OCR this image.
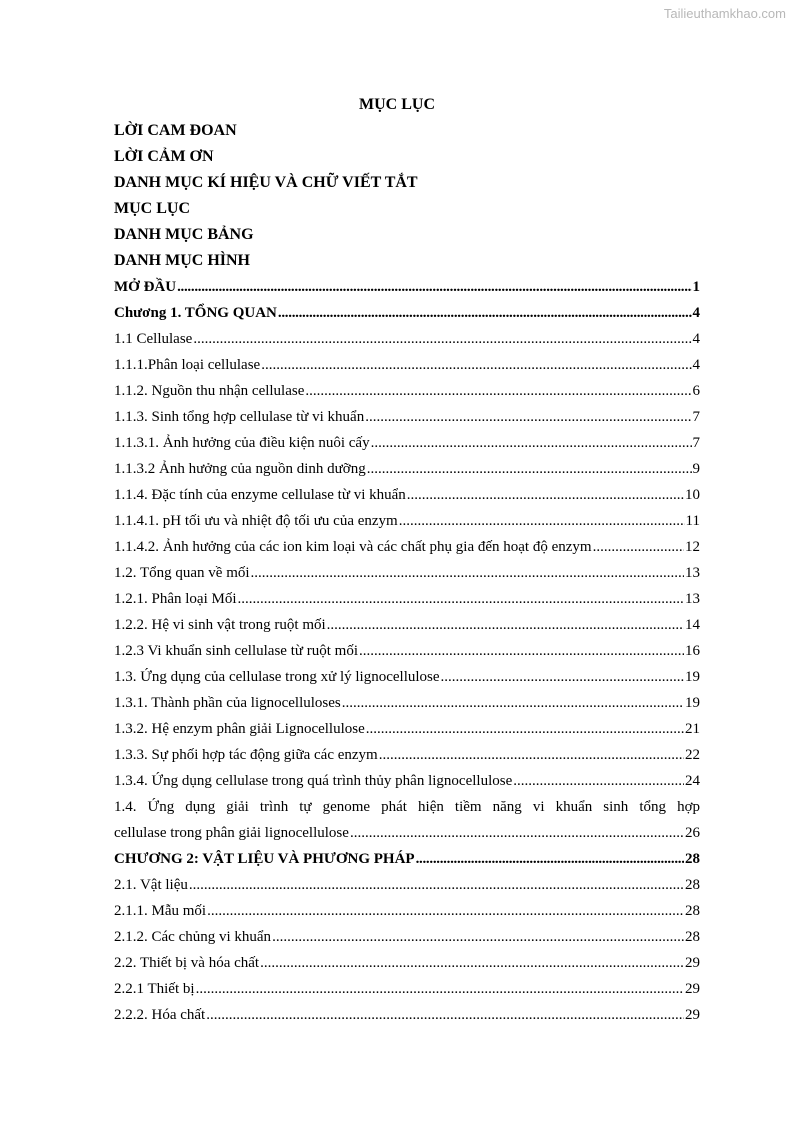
Tailieuthamkhao.com
MỤC LỤC
LỜI CAM ĐOAN
LỜI CẢM ƠN
DANH MỤC KÍ HIỆU VÀ CHỮ VIẾT TẮT
MỤC LỤC
DANH MỤC BẢNG
DANH MỤC HÌNH
MỞ ĐẦU .....	1
Chương 1. TỔNG QUAN .....	4
1.1 Cellulase .....	4
1.1.1.Phân loại cellulase .....	4
1.1.2. Nguồn thu nhận cellulase .....	6
1.1.3. Sinh tổng hợp cellulase từ vi khuẩn .....	7
1.1.3.1. Ảnh hưởng của điều kiện nuôi cấy .....	7
1.1.3.2 Ảnh hưởng của nguồn dinh dưỡng .....	9
1.1.4. Đặc tính của enzyme cellulase từ vi khuẩn .....	10
1.1.4.1. pH tối ưu và nhiệt độ tối ưu của enzym .....	11
1.1.4.2. Ảnh hưởng của các ion kim loại và các chất phụ gia đến hoạt độ enzym .....	12
1.2. Tổng quan về mối .....	13
1.2.1. Phân loại Mối .....	13
1.2.2. Hệ vi sinh vật trong ruột mối .....	14
1.2.3 Vi khuẩn sinh cellulase từ ruột mối .....	16
1.3. Ứng dụng của cellulase trong xử lý lignocellulose .....	19
1.3.1. Thành phần của lignocelluloses .....	19
1.3.2. Hệ enzym phân giải Lignocellulose .....	21
1.3.3. Sự phối hợp tác động giữa các enzym .....	22
1.3.4. Ứng dụng cellulase trong quá trình thủy phân lignocellulose .....	24
1.4. Ứng dụng giải trình tự genome phát hiện tiềm năng vi khuẩn sinh tổng hợp
cellulase trong phân giải lignocellulose .....	26
CHƯƠNG 2: VẬT LIỆU VÀ PHƯƠNG PHÁP .....	28
2.1. Vật liệu .....	28
2.1.1. Mẫu mối .....	28
2.1.2. Các chủng vi khuẩn .....	28
2.2. Thiết bị và hóa chất .....	29
2.2.1 Thiết bị .....	29
2.2.2. Hóa chất .....	29
